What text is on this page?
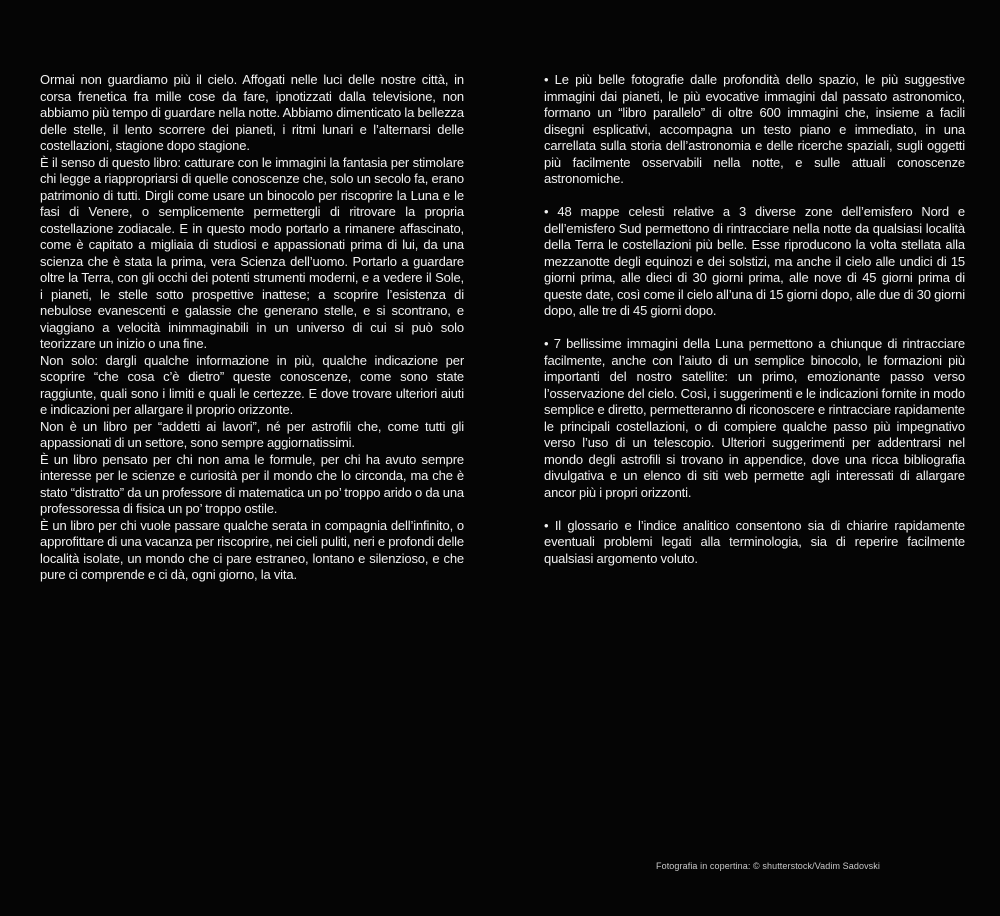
Ormai non guardiamo più il cielo. Affogati nelle luci delle nostre città, in corsa frenetica fra mille cose da fare, ipnotizzati dalla televisione, non abbiamo più tempo di guardare nella notte. Abbiamo dimenticato la bellezza delle stelle, il lento scorrere dei pianeti, i ritmi lunari e l’alternarsi delle costellazioni, stagione dopo stagione.

È il senso di questo libro: catturare con le immagini la fantasia per stimolare chi legge a riappropriarsi di quelle conoscenze che, solo un secolo fa, erano patrimonio di tutti. Dirgli come usare un binocolo per riscoprire la Luna e le fasi di Venere, o semplicemente permettergli di ritrovare la propria costellazione zodiacale. E in questo modo portarlo a rimanere affascinato, come è capitato a migliaia di studiosi e appassionati prima di lui, da una scienza che è stata la prima, vera Scienza dell’uomo. Portarlo a guardare oltre la Terra, con gli occhi dei potenti strumenti moderni, e a vedere il Sole, i pianeti, le stelle sotto prospettive inattese; a scoprire l’esistenza di nebulose evanescenti e galassie che generano stelle, e si scontrano, e viaggiano a velocità inimmaginabili in un universo di cui si può solo teorizzare un inizio o una fine.

Non solo: dargli qualche informazione in più, qualche indicazione per scoprire “che cosa c’è dietro” queste conoscenze, come sono state raggiunte, quali sono i limiti e quali le certezze. E dove trovare ulteriori aiuti e indicazioni per allargare il proprio orizzonte.

Non è un libro per “addetti ai lavori”, né per astrofili che, come tutti gli appassionati di un settore, sono sempre aggiornatissimi.

È un libro pensato per chi non ama le formule, per chi ha avuto sempre interesse per le scienze e curiosità per il mondo che lo circonda, ma che è stato “distratto” da un professore di matematica un po’ troppo arido o da una professoressa di fisica un po’ troppo ostile.

È un libro per chi vuole passare qualche serata in compagnia dell’infinito, o approfittare di una vacanza per riscoprire, nei cieli puliti, neri e profondi delle località isolate, un mondo che ci pare estraneo, lontano e silenzioso, e che pure ci comprende e ci dà, ogni giorno, la vita.

• Le più belle fotografie dalle profondità dello spazio, le più suggestive immagini dai pianeti, le più evocative immagini dal passato astronomico, formano un “libro parallelo” di oltre 600 immagini che, insieme a facili disegni esplicativi, accompagna un testo piano e immediato, in una carrellata sulla storia dell’astronomia e delle ricerche spaziali, sugli oggetti più facilmente osservabili nella notte, e sulle attuali conoscenze astronomiche.

• 48 mappe celesti relative a 3 diverse zone dell’emisfero Nord e dell’emisfero Sud permettono di rintracciare nella notte da qualsiasi località della Terra le costellazioni più belle. Esse riproducono la volta stellata alla mezzanotte degli equinozi e dei solstizi, ma anche il cielo alle undici di 15 giorni prima, alle dieci di 30 giorni prima, alle nove di 45 giorni prima di queste date, così come il cielo all’una di 15 giorni dopo, alle due di 30 giorni dopo, alle tre di 45 giorni dopo.

• 7 bellissime immagini della Luna permettono a chiunque di rintracciare facilmente, anche con l’aiuto di un semplice binocolo, le formazioni più importanti del nostro satellite: un primo, emozionante passo verso l’osservazione del cielo. Così, i suggerimenti e le indicazioni fornite in modo semplice e diretto, permetteranno di riconoscere e rintracciare rapidamente le principali costellazioni, o di compiere qualche passo più impegnativo verso l’uso di un telescopio. Ulteriori suggerimenti per addentrarsi nel mondo degli astrofili si trovano in appendice, dove una ricca bibliografia divulgativa e un elenco di siti web permette agli interessati di allargare ancor più i propri orizzonti.

• Il glossario e l’indice analitico consentono sia di chiarire rapidamente eventuali problemi legati alla terminologia, sia di reperire facilmente qualsiasi argomento voluto.

Fotografia in copertina: © shutterstock/Vadim Sadovski
